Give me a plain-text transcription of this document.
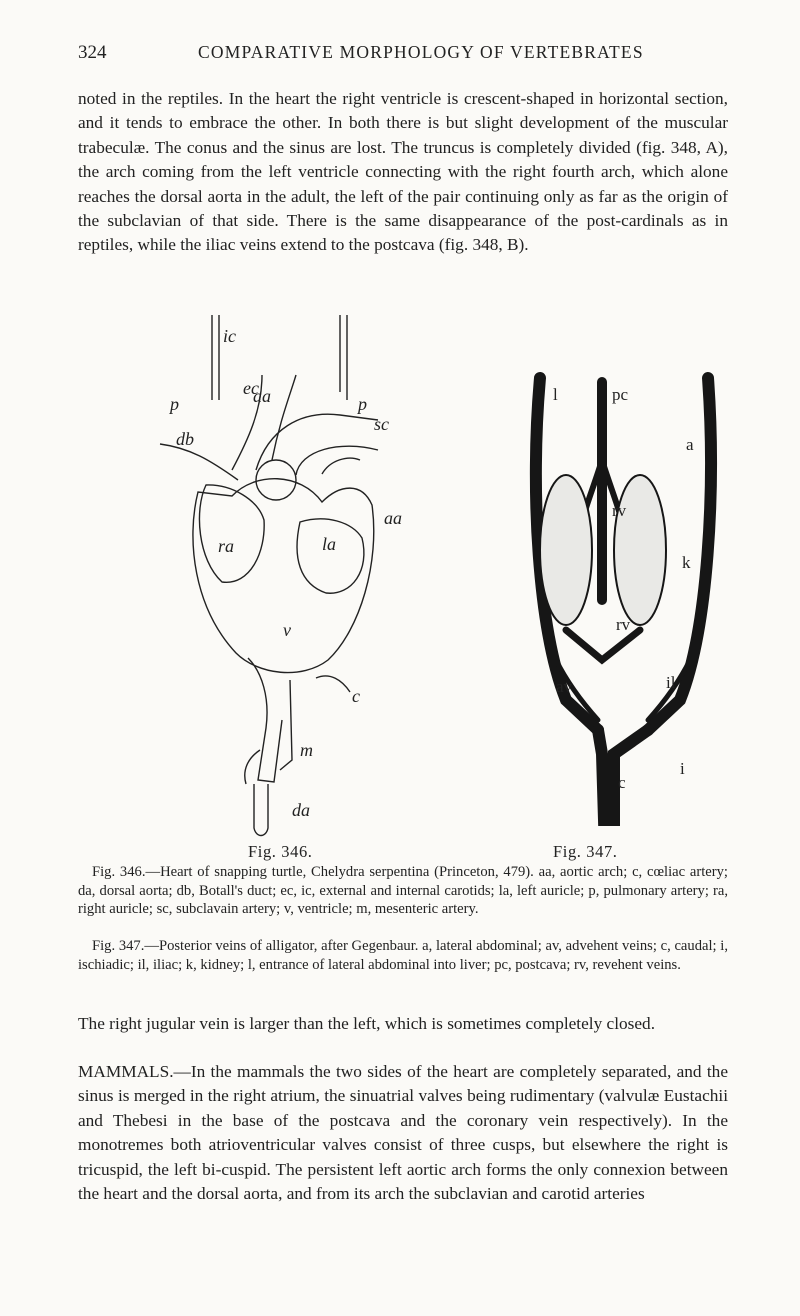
324	COMPARATIVE MORPHOLOGY OF VERTEBRATES

noted in the reptiles. In the heart the right ventricle is crescent-shaped in horizontal section, and it tends to embrace the other. In both there is but slight development of the muscular trabeculæ. The conus and the sinus are lost. The truncus is completely divided (fig. 348, A), the arch coming from the left ventricle connecting with the right fourth arch, which alone reaches the dorsal aorta in the adult, the left of the pair continuing only as far as the origin of the subclavian of that side. There is the same disappearance of the post-cardinals as in reptiles, while the iliac veins extend to the postcava (fig. 348, B).

ic
ec
p	aa	p
sc
db
ra	la
aa
v
c
m
da
l	pc
a
rv
k
rv
av	il
i
c
Fig. 346.	Fig. 347.

Fig. 346.—Heart of snapping turtle, Chelydra serpentina (Princeton, 479). aa, aortic arch; c, cœliac artery; da, dorsal aorta; db, Botall's duct; ec, ic, external and internal carotids; la, left auricle; p, pulmonary artery; ra, right auricle; sc, subclavain artery; v, ventricle; m, mesenteric artery.

Fig. 347.—Posterior veins of alligator, after Gegenbaur. a, lateral abdominal; av, advehent veins; c, caudal; i, ischiadic; il, iliac; k, kidney; l, entrance of lateral abdominal into liver; pc, postcava; rv, revehent veins.

The right jugular vein is larger than the left, which is sometimes completely closed.

MAMMALS.—In the mammals the two sides of the heart are completely separated, and the sinus is merged in the right atrium, the sinuatrial valves being rudimentary (valvulæ Eustachii and Thebesi in the base of the postcava and the coronary vein respectively). In the monotremes both atrioventricular valves consist of three cusps, but elsewhere the right is tricuspid, the left bi-cuspid. The persistent left aortic arch forms the only connexion between the heart and the dorsal aorta, and from its arch the subclavian and carotid arteries
